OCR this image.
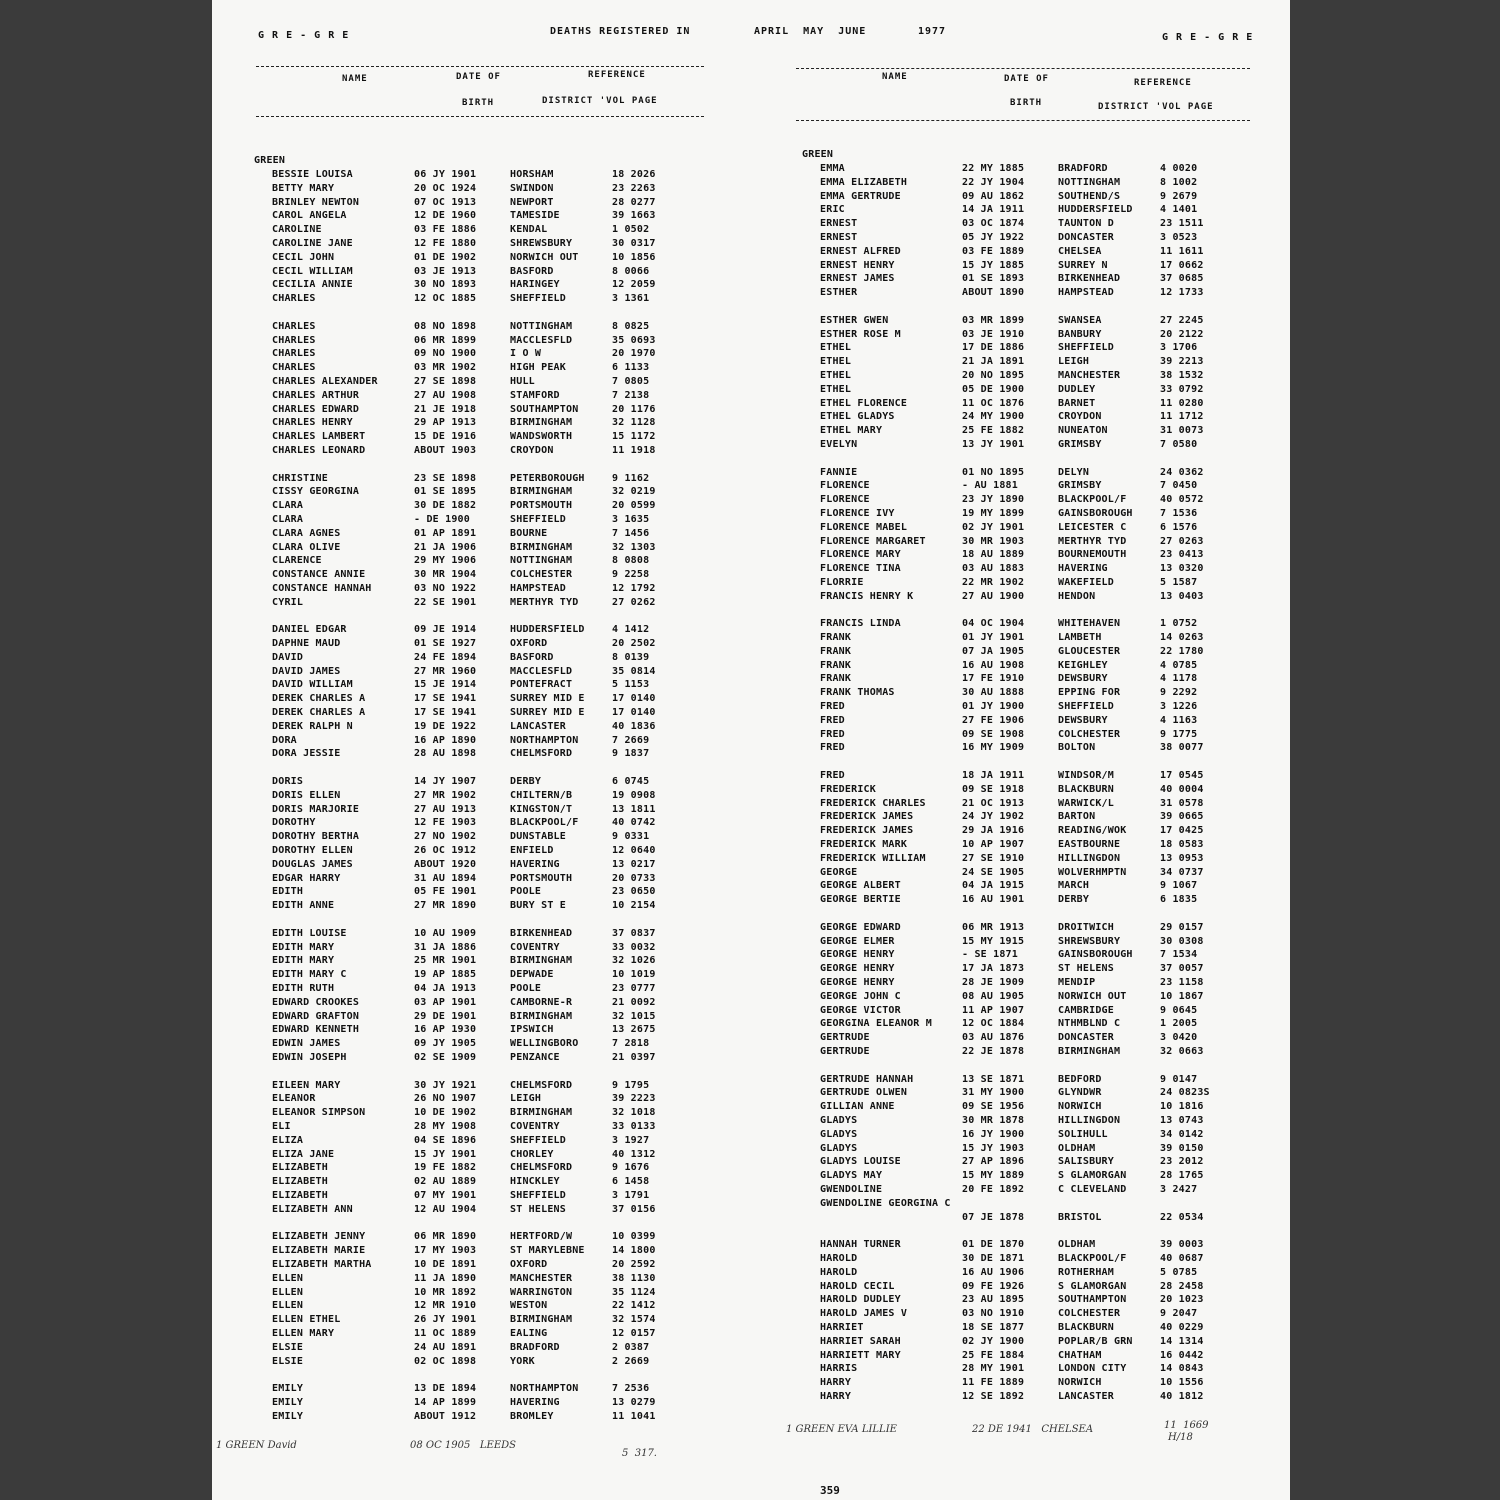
G R E - G R E	DEATHS REGISTERED IN	APRIL  MAY  JUNE	1977
G R E - G R E
NAME	DATE OF	REFERENCE
BIRTH	DISTRICT 'VOL PAGE
NAME	DATE OF	REFERENCE
BIRTH	DISTRICT 'VOL PAGE
GREEN
BESSIE LOUISA	06 JY 1901	HORSHAM	18 2026
BETTY MARY	20 OC 1924	SWINDON	23 2263
BRINLEY NEWTON	07 OC 1913	NEWPORT	28 0277
CAROL ANGELA	12 DE 1960	TAMESIDE	39 1663
CAROLINE	03 FE 1886	KENDAL	1 0502
CAROLINE JANE	12 FE 1880	SHREWSBURY	30 0317
CECIL JOHN	01 DE 1902	NORWICH OUT	10 1856
CECIL WILLIAM	03 JE 1913	BASFORD	8 0066
CECILIA ANNIE	30 NO 1893	HARINGEY	12 2059
CHARLES	12 OC 1885	SHEFFIELD	3 1361
CHARLES	08 NO 1898	NOTTINGHAM	8 0825
CHARLES	06 MR 1899	MACCLESFLD	35 0693
CHARLES	09 NO 1900	I O W	20 1970
CHARLES	03 MR 1902	HIGH PEAK	6 1133
CHARLES ALEXANDER	27 SE 1898	HULL	7 0805
CHARLES ARTHUR	27 AU 1908	STAMFORD	7 2138
CHARLES EDWARD	21 JE 1918	SOUTHAMPTON	20 1176
CHARLES HENRY	29 AP 1913	BIRMINGHAM	32 1128
CHARLES LAMBERT	15 DE 1916	WANDSWORTH	15 1172
CHARLES LEONARD	ABOUT 1903	CROYDON	11 1918
CHRISTINE	23 SE 1898	PETERBOROUGH	9 1162
CISSY GEORGINA	01 SE 1895	BIRMINGHAM	32 0219
CLARA	30 DE 1882	PORTSMOUTH	20 0599
CLARA	- DE 1900	SHEFFIELD	3 1635
CLARA AGNES	01 AP 1891	BOURNE	7 1456
CLARA OLIVE	21 JA 1906	BIRMINGHAM	32 1303
CLARENCE	29 MY 1906	NOTTINGHAM	8 0808
CONSTANCE ANNIE	30 MR 1904	COLCHESTER	9 2258
CONSTANCE HANNAH	03 NO 1922	HAMPSTEAD	12 1792
CYRIL	22 SE 1901	MERTHYR TYD	27 0262
DANIEL EDGAR	09 JE 1914	HUDDERSFIELD	4 1412
DAPHNE MAUD	01 SE 1927	OXFORD	20 2502
DAVID	24 FE 1894	BASFORD	8 0139
DAVID JAMES	27 MR 1960	MACCLESFLD	35 0814
DAVID WILLIAM	15 JE 1914	PONTEFRACT	5 1153
DEREK CHARLES A	17 SE 1941	SURREY MID E	17 0140
DEREK CHARLES A	17 SE 1941	SURREY MID E	17 0140
DEREK RALPH N	19 DE 1922	LANCASTER	40 1836
DORA	16 AP 1890	NORTHAMPTON	7 2669
DORA JESSIE	28 AU 1898	CHELMSFORD	9 1837
DORIS	14 JY 1907	DERBY	6 0745
DORIS ELLEN	27 MR 1902	CHILTERN/B	19 0908
DORIS MARJORIE	27 AU 1913	KINGSTON/T	13 1811
DOROTHY	12 FE 1903	BLACKPOOL/F	40 0742
DOROTHY BERTHA	27 NO 1902	DUNSTABLE	9 0331
DOROTHY ELLEN	26 OC 1912	ENFIELD	12 0640
DOUGLAS JAMES	ABOUT 1920	HAVERING	13 0217
EDGAR HARRY	31 AU 1894	PORTSMOUTH	20 0733
EDITH	05 FE 1901	POOLE	23 0650
EDITH ANNE	27 MR 1890	BURY ST E	10 2154
EDITH LOUISE	10 AU 1909	BIRKENHEAD	37 0837
EDITH MARY	31 JA 1886	COVENTRY	33 0032
EDITH MARY	25 MR 1901	BIRMINGHAM	32 1026
EDITH MARY C	19 AP 1885	DEPWADE	10 1019
EDITH RUTH	04 JA 1913	POOLE	23 0777
EDWARD CROOKES	03 AP 1901	CAMBORNE-R	21 0092
EDWARD GRAFTON	29 DE 1901	BIRMINGHAM	32 1015
EDWARD KENNETH	16 AP 1930	IPSWICH	13 2675
EDWIN JAMES	09 JY 1905	WELLINGBORO	7 2818
EDWIN JOSEPH	02 SE 1909	PENZANCE	21 0397
EILEEN MARY	30 JY 1921	CHELMSFORD	9 1795
ELEANOR	26 NO 1907	LEIGH	39 2223
ELEANOR SIMPSON	10 DE 1902	BIRMINGHAM	32 1018
ELI	28 MY 1908	COVENTRY	33 0133
ELIZA	04 SE 1896	SHEFFIELD	3 1927
ELIZA JANE	15 JY 1901	CHORLEY	40 1312
ELIZABETH	19 FE 1882	CHELMSFORD	9 1676
ELIZABETH	02 AU 1889	HINCKLEY	6 1458
ELIZABETH	07 MY 1901	SHEFFIELD	3 1791
ELIZABETH ANN	12 AU 1904	ST HELENS	37 0156
ELIZABETH JENNY	06 MR 1890	HERTFORD/W	10 0399
ELIZABETH MARIE	17 MY 1903	ST MARYLEBNE	14 1800
ELIZABETH MARTHA	10 DE 1891	OXFORD	20 2592
ELLEN	11 JA 1890	MANCHESTER	38 1130
ELLEN	10 MR 1892	WARRINGTON	35 1124
ELLEN	12 MR 1910	WESTON	22 1412
ELLEN ETHEL	26 JY 1901	BIRMINGHAM	32 1574
ELLEN MARY	11 OC 1889	EALING	12 0157
ELSIE	24 AU 1891	BRADFORD	2 0387
ELSIE	02 OC 1898	YORK	2 2669
EMILY	13 DE 1894	NORTHAMPTON	7 2536
EMILY	14 AP 1899	HAVERING	13 0279
EMILY	ABOUT 1912	BROMLEY	11 1041
GREEN
EMMA	22 MY 1885	BRADFORD	4 0020
EMMA ELIZABETH	22 JY 1904	NOTTINGHAM	8 1002
EMMA GERTRUDE	09 AU 1862	SOUTHEND/S	9 2679
ERIC	14 JA 1911	HUDDERSFIELD	4 1401
ERNEST	03 OC 1874	TAUNTON D	23 1511
ERNEST	05 JY 1922	DONCASTER	3 0523
ERNEST ALFRED	03 FE 1889	CHELSEA	11 1611
ERNEST HENRY	15 JY 1885	SURREY N	17 0662
ERNEST JAMES	01 SE 1893	BIRKENHEAD	37 0685
ESTHER	ABOUT 1890	HAMPSTEAD	12 1733
ESTHER GWEN	03 MR 1899	SWANSEA	27 2245
ESTHER ROSE M	03 JE 1910	BANBURY	20 2122
ETHEL	17 DE 1886	SHEFFIELD	3 1706
ETHEL	21 JA 1891	LEIGH	39 2213
ETHEL	20 NO 1895	MANCHESTER	38 1532
ETHEL	05 DE 1900	DUDLEY	33 0792
ETHEL FLORENCE	11 OC 1876	BARNET	11 0280
ETHEL GLADYS	24 MY 1900	CROYDON	11 1712
ETHEL MARY	25 FE 1882	NUNEATON	31 0073
EVELYN	13 JY 1901	GRIMSBY	7 0580
FANNIE	01 NO 1895	DELYN	24 0362
FLORENCE	- AU 1881	GRIMSBY	7 0450
FLORENCE	23 JY 1890	BLACKPOOL/F	40 0572
FLORENCE IVY	19 MY 1899	GAINSBOROUGH	7 1536
FLORENCE MABEL	02 JY 1901	LEICESTER C	6 1576
FLORENCE MARGARET	30 MR 1903	MERTHYR TYD	27 0263
FLORENCE MARY	18 AU 1889	BOURNEMOUTH	23 0413
FLORENCE TINA	03 AU 1883	HAVERING	13 0320
FLORRIE	22 MR 1902	WAKEFIELD	5 1587
FRANCIS HENRY K	27 AU 1900	HENDON	13 0403
FRANCIS LINDA	04 OC 1904	WHITEHAVEN	1 0752
FRANK	01 JY 1901	LAMBETH	14 0263
FRANK	07 JA 1905	GLOUCESTER	22 1780
FRANK	16 AU 1908	KEIGHLEY	4 0785
FRANK	17 FE 1910	DEWSBURY	4 1178
FRANK THOMAS	30 AU 1888	EPPING FOR	9 2292
FRED	01 JY 1900	SHEFFIELD	3 1226
FRED	27 FE 1906	DEWSBURY	4 1163
FRED	09 SE 1908	COLCHESTER	9 1775
FRED	16 MY 1909	BOLTON	38 0077
FRED	18 JA 1911	WINDSOR/M	17 0545
FREDERICK	09 SE 1918	BLACKBURN	40 0004
FREDERICK CHARLES	21 OC 1913	WARWICK/L	31 0578
FREDERICK JAMES	24 JY 1902	BARTON	39 0665
FREDERICK JAMES	29 JA 1916	READING/WOK	17 0425
FREDERICK MARK	10 AP 1907	EASTBOURNE	18 0583
FREDERICK WILLIAM	27 SE 1910	HILLINGDON	13 0953
GEORGE	24 SE 1905	WOLVERHMPTN	34 0737
GEORGE ALBERT	04 JA 1915	MARCH	9 1067
GEORGE BERTIE	16 AU 1901	DERBY	6 1835
GEORGE EDWARD	06 MR 1913	DROITWICH	29 0157
GEORGE ELMER	15 MY 1915	SHREWSBURY	30 0308
GEORGE HENRY	- SE 1871	GAINSBOROUGH	7 1534
GEORGE HENRY	17 JA 1873	ST HELENS	37 0057
GEORGE HENRY	28 JE 1909	MENDIP	23 1158
GEORGE JOHN C	08 AU 1905	NORWICH OUT	10 1867
GEORGE VICTOR	11 AP 1907	CAMBRIDGE	9 0645
GEORGINA ELEANOR M	12 OC 1884	NTHMBLND C	1 2005
GERTRUDE	03 AU 1876	DONCASTER	3 0420
GERTRUDE	22 JE 1878	BIRMINGHAM	32 0663
GERTRUDE HANNAH	13 SE 1871	BEDFORD	9 0147
GERTRUDE OLWEN	31 MY 1900	GLYNDWR	24 0823S
GILLIAN ANNE	09 SE 1956	NORWICH	10 1816
GLADYS	30 MR 1878	HILLINGDON	13 0743
GLADYS	16 JY 1900	SOLIHULL	34 0142
GLADYS	15 JY 1903	OLDHAM	39 0150
GLADYS LOUISE	27 AP 1896	SALISBURY	23 2012
GLADYS MAY	15 MY 1889	S GLAMORGAN	28 1765
GWENDOLINE	20 FE 1892	C CLEVELAND	3 2427
GWENDOLINE GEORGINA C
07 JE 1878	BRISTOL	22 0534
HANNAH TURNER	01 DE 1870	OLDHAM	39 0003
HAROLD	30 DE 1871	BLACKPOOL/F	40 0687
HAROLD	16 AU 1906	ROTHERHAM	5 0785
HAROLD CECIL	09 FE 1926	S GLAMORGAN	28 2458
HAROLD DUDLEY	23 AU 1895	SOUTHAMPTON	20 1023
HAROLD JAMES V	03 NO 1910	COLCHESTER	9 2047
HARRIET	18 SE 1877	BLACKBURN	40 0229
HARRIET SARAH	02 JY 1900	POPLAR/B GRN	14 1314
HARRIETT MARY	25 FE 1884	CHATHAM	16 0442
HARRIS	28 MY 1901	LONDON CITY	14 0843
HARRY	11 FE 1889	NORWICH	10 1556
HARRY	12 SE 1892	LANCASTER	40 1812
1 GREEN David	08 OC 1905   LEEDS
5  317.
1 GREEN EVA LILLIE	22 DE 1941   CHELSEA	11  1669
H/18
359
